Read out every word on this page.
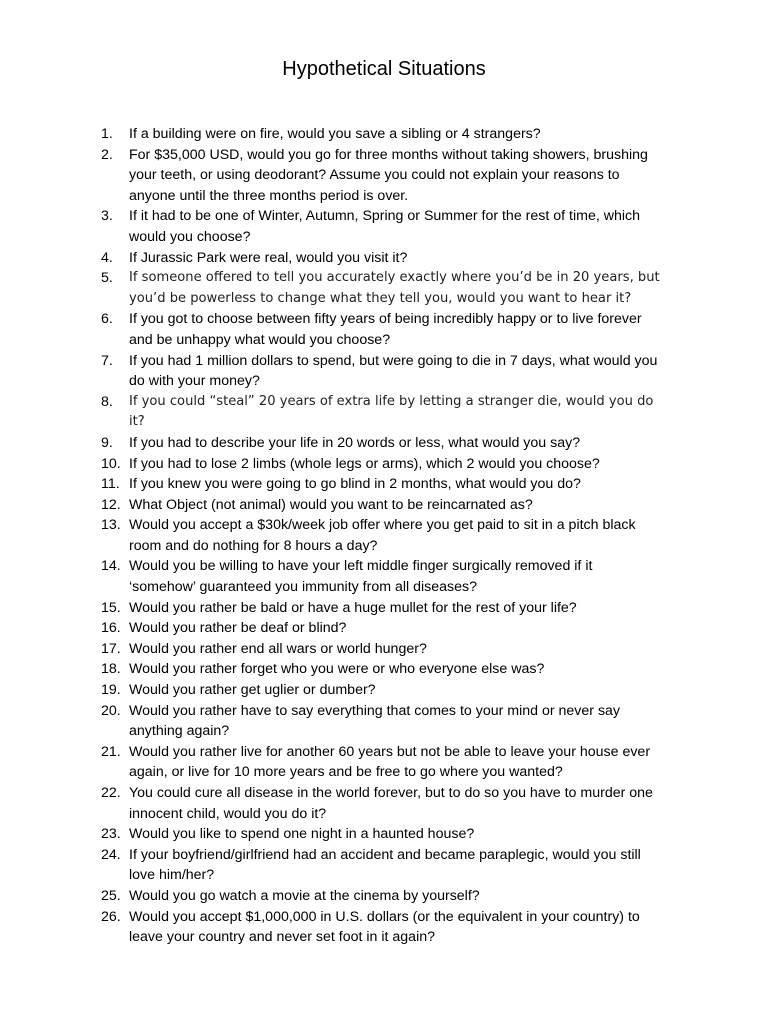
Hypothetical Situations
1.	If a building were on fire, would you save a sibling or 4 strangers?
2.	For $35,000 USD, would you go for three months without taking showers, brushing your teeth, or using deodorant? Assume you could not explain your reasons to anyone until the three months period is over.
3.	If it had to be one of Winter, Autumn, Spring or Summer for the rest of time, which would you choose?
4.	If Jurassic Park were real, would you visit it?
5.	If someone offered to tell you accurately exactly where you’d be in 20 years, but you’d be powerless to change what they tell you, would you want to hear it?
6.	If you got to choose between fifty years of being incredibly happy or to live forever and be unhappy what would you choose?
7.	If you had 1 million dollars to spend, but were going to die in 7 days, what would you do with your money?
8.	If you could “steal” 20 years of extra life by letting a stranger die, would you do it?
9.	If you had to describe your life in 20 words or less, what would you say?
10. If you had to lose 2 limbs (whole legs or arms), which 2 would you choose?
11. If you knew you were going to go blind in 2 months, what would you do?
12. What Object (not animal) would you want to be reincarnated as?
13. Would you accept a $30k/week job offer where you get paid to sit in a pitch black room and do nothing for 8 hours a day?
14. Would you be willing to have your left middle finger surgically removed if it ‘somehow’ guaranteed you immunity from all diseases?
15. Would you rather be bald or have a huge mullet for the rest of your life?
16. Would you rather be deaf or blind?
17. Would you rather end all wars or world hunger?
18. Would you rather forget who you were or who everyone else was?
19. Would you rather get uglier or dumber?
20. Would you rather have to say everything that comes to your mind or never say anything again?
21. Would you rather live for another 60 years but not be able to leave your house ever again, or live for 10 more years and be free to go where you wanted?
22. You could cure all disease in the world forever, but to do so you have to murder one innocent child, would you do it?
23. Would you like to spend one night in a haunted house?
24. If your boyfriend/girlfriend had an accident and became paraplegic, would you still love him/her?
25. Would you go watch a movie at the cinema by yourself?
26. Would you accept $1,000,000 in U.S. dollars (or the equivalent in your country) to leave your country and never set foot in it again?
